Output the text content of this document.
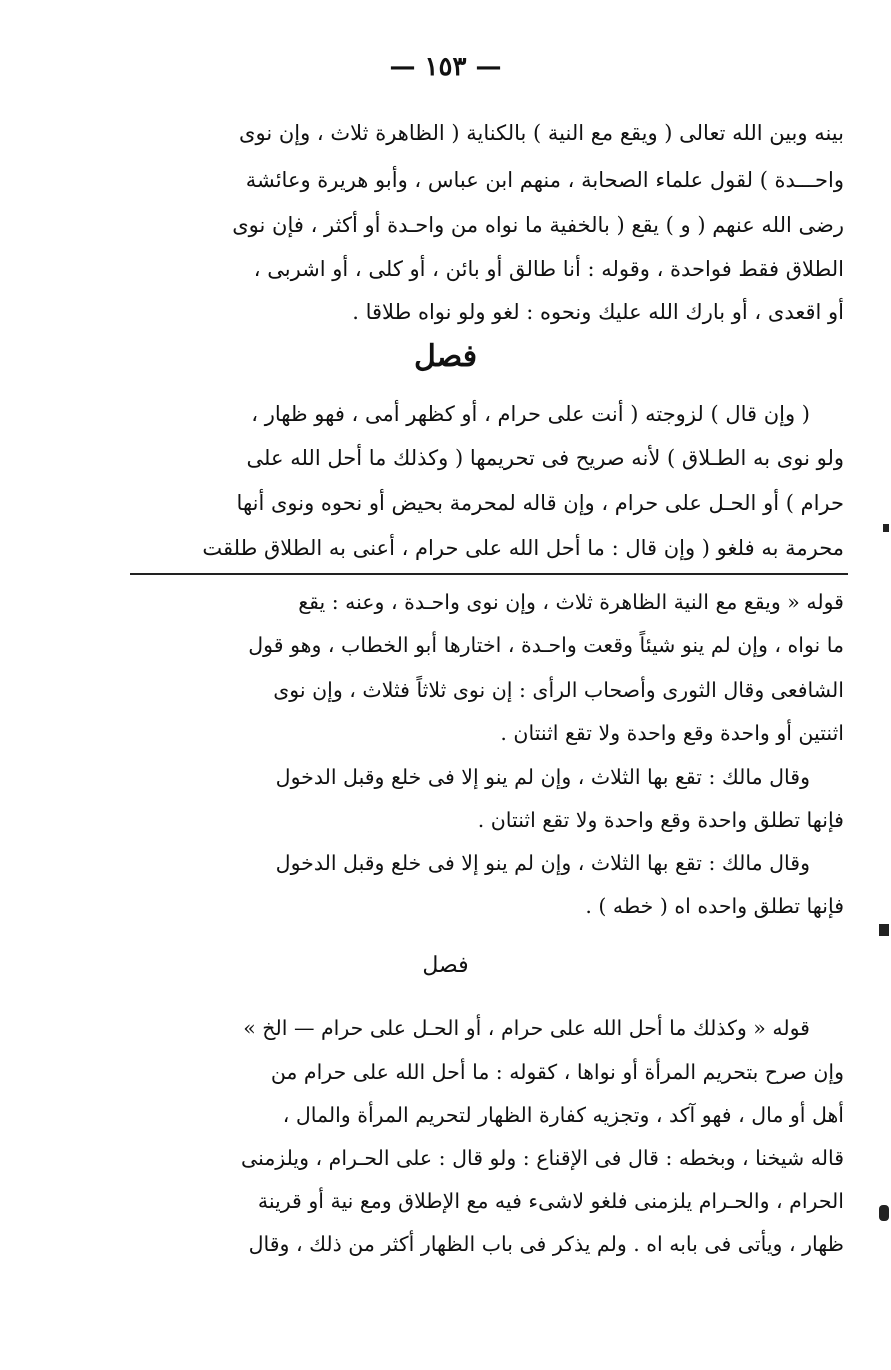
— ١٥٣ —
بينه وبين الله تعالى ( ويقع مع النية ) بالكناية ( الظاهرة ثلاث ، وإن نوى
واحـــدة ) لقول علماء الصحابة ، منهم ابن عباس ، وأبو هريرة وعائشة
رضى الله عنهم ( و ) يقع ( بالخفية ما نواه من واحـدة أو أكثر ، فإن نوى
الطلاق فقط فواحدة ، وقوله : أنا طالق أو بائن ، أو كلى ، أو اشربى ،
أو اقعدى ، أو بارك الله عليك ونحوه : لغو ولو نواه طلاقا .
فصل
( وإن قال ) لزوجته ( أنت على حرام ، أو كظهر أمى ، فهو ظهار ،
ولو نوى به الطـلاق ) لأنه صريح فى تحريمها ( وكذلك ما أحل الله على
حرام ) أو الحـل على حرام ، وإن قاله لمحرمة بحيض أو نحوه ونوى أنها
محرمة به فلغو ( وإن قال : ما أحل الله على حرام ، أعنى به الطلاق طلقت
قوله « ويقع مع النية الظاهرة ثلاث ، وإن نوى واحـدة ، وعنه : يقع
ما نواه ، وإن لم ينو شيئاً وقعت واحـدة ، اختارها أبو الخطاب ، وهو قول
الشافعى وقال الثورى وأصحاب الرأى : إن نوى ثلاثاً فثلاث ، وإن نوى
اثنتين أو واحدة وقع واحدة ولا تقع اثنتان .
وقال مالك : تقع بها الثلاث ، وإن لم ينو إلا فى خلع وقبل الدخول
فإنها تطلق واحدة وقع واحدة ولا تقع اثنتان .
وقال مالك : تقع بها الثلاث ، وإن لم ينو إلا فى خلع وقبل الدخول
فإنها تطلق واحده اه ( خطه ) .
فصل
قوله « وكذلك ما أحل الله على حرام ، أو الحـل على حرام — الخ »
وإن صرح بتحريم المرأة أو نواها ، كقوله : ما أحل الله على حرام من
أهل أو مال ، فهو آكد ، وتجزيه كفارة الظهار لتحريم المرأة والمال ،
قاله شيخنا ، وبخطه : قال فى الإقناع : ولو قال : على الحـرام ، ويلزمنى
الحرام ، والحـرام يلزمنى فلغو لاشىء فيه مع الإطلاق ومع نية أو قرينة
ظهار ، ويأتى فى بابه اه . ولم يذكر فى باب الظهار أكثر من ذلك ، وقال
